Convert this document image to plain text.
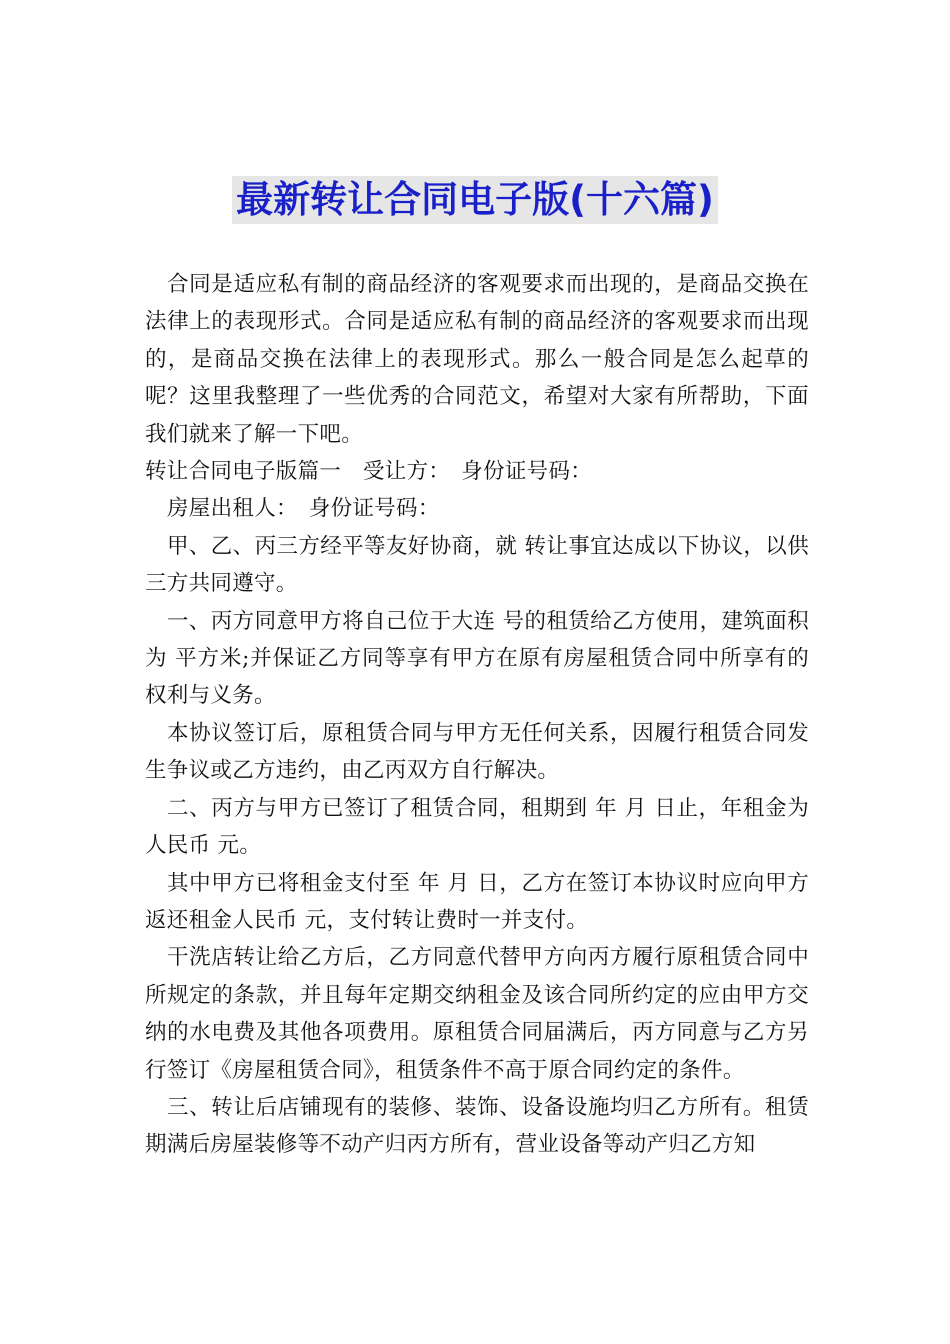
最新转让合同电子版(十六篇)

合同是适应私有制的商品经济的客观要求而出现的，是商品交换在法律上的表现形式。合同是适应私有制的商品经济的客观要求而出现的，是商品交换在法律上的表现形式。那么一般合同是怎么起草的呢？这里我整理了一些优秀的合同范文，希望对大家有所帮助，下面我们就来了解一下吧。

转让合同电子版篇一　受让方：　身份证号码：

房屋出租人：　身份证号码：

甲、乙、丙三方经平等友好协商，就 转让事宜达成以下协议，以供三方共同遵守。

一、丙方同意甲方将自己位于大连 号的租赁给乙方使用，建筑面积为 平方米;并保证乙方同等享有甲方在原有房屋租赁合同中所享有的权利与义务。

本协议签订后，原租赁合同与甲方无任何关系，因履行租赁合同发生争议或乙方违约，由乙丙双方自行解决。

二、丙方与甲方已签订了租赁合同，租期到 年 月 日止，年租金为人民币 元。

其中甲方已将租金支付至 年 月 日，乙方在签订本协议时应向甲方返还租金人民币 元，支付转让费时一并支付。

干洗店转让给乙方后，乙方同意代替甲方向丙方履行原租赁合同中所规定的条款，并且每年定期交纳租金及该合同所约定的应由甲方交纳的水电费及其他各项费用。原租赁合同届满后，丙方同意与乙方另行签订《房屋租赁合同》，租赁条件不高于原合同约定的条件。

三、转让后店铺现有的装修、装饰、设备设施均归乙方所有。租赁期满后房屋装修等不动产归丙方所有，营业设备等动产归乙方知
